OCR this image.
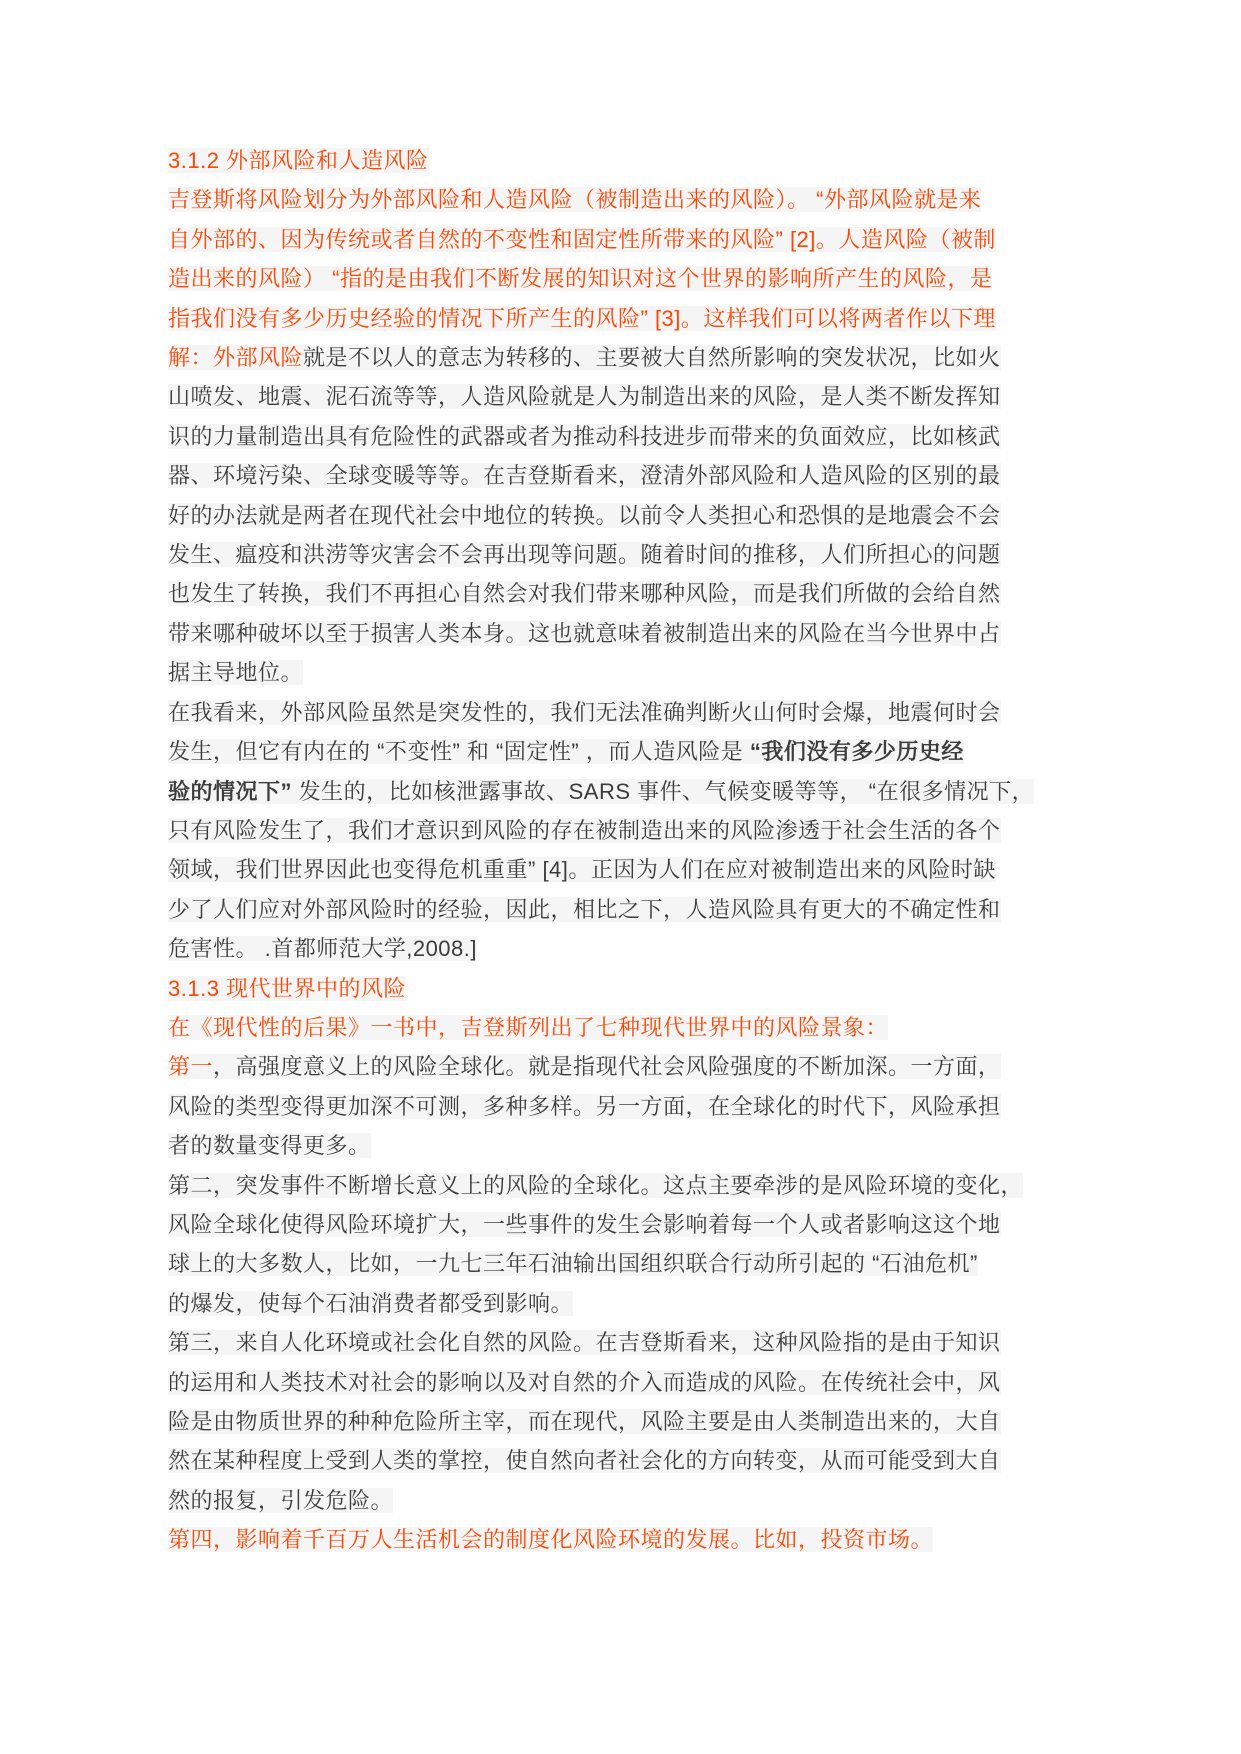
3.1.2 外部风险和人造风险
吉登斯将风险划分为外部风险和人造风险（被制造出来的风险）。 “外部风险就是来
自外部的、因为传统或者自然的不变性和固定性所带来的风险” [2]。人造风险（被制
造出来的风险） “指的是由我们不断发展的知识对这个世界的影响所产生的风险，是
指我们没有多少历史经验的情况下所产生的风险” [3]。这样我们可以将两者作以下理
解：外部风险就是不以人的意志为转移的、主要被大自然所影响的突发状况，比如火
山喷发、地震、泥石流等等，人造风险就是人为制造出来的风险，是人类不断发挥知
识的力量制造出具有危险性的武器或者为推动科技进步而带来的负面效应，比如核武
器、环境污染、全球变暖等等。在吉登斯看来，澄清外部风险和人造风险的区别的最
好的办法就是两者在现代社会中地位的转换。以前令人类担心和恐惧的是地震会不会
发生、瘟疫和洪涝等灾害会不会再出现等问题。随着时间的推移，人们所担心的问题
也发生了转换，我们不再担心自然会对我们带来哪种风险，而是我们所做的会给自然
带来哪种破坏以至于损害人类本身。这也就意味着被制造出来的风险在当今世界中占
据主导地位。
在我看来，外部风险虽然是突发性的，我们无法准确判断火山何时会爆，地震何时会
发生，但它有内在的 “不变性” 和 “固定性” ，而人造风险是 “我们没有多少历史经
验的情况下” 发生的，比如核泄露事故、SARS 事件、气候变暖等等， “在很多情况下，
只有风险发生了，我们才意识到风险的存在被制造出来的风险渗透于社会生活的各个
领域，我们世界因此也变得危机重重” [4]。正因为人们在应对被制造出来的风险时缺
少了人们应对外部风险时的经验，因此，相比之下，人造风险具有更大的不确定性和
危害性。 .首都师范大学,2008.]
3.1.3 现代世界中的风险
在《现代性的后果》一书中，吉登斯列出了七种现代世界中的风险景象：
第一，高强度意义上的风险全球化。就是指现代社会风险强度的不断加深。一方面，
风险的类型变得更加深不可测，多种多样。另一方面，在全球化的时代下，风险承担
者的数量变得更多。
第二，突发事件不断增长意义上的风险的全球化。这点主要牵涉的是风险环境的变化，
风险全球化使得风险环境扩大，一些事件的发生会影响着每一个人或者影响这这个地
球上的大多数人，比如，一九七三年石油输出国组织联合行动所引起的 “石油危机”
的爆发，使每个石油消费者都受到影响。
第三，来自人化环境或社会化自然的风险。在吉登斯看来，这种风险指的是由于知识
的运用和人类技术对社会的影响以及对自然的介入而造成的风险。在传统社会中，风
险是由物质世界的种种危险所主宰，而在现代，风险主要是由人类制造出来的，大自
然在某种程度上受到人类的掌控，使自然向者社会化的方向转变，从而可能受到大自
然的报复，引发危险。
第四，影响着千百万人生活机会的制度化风险环境的发展。比如，投资市场。
